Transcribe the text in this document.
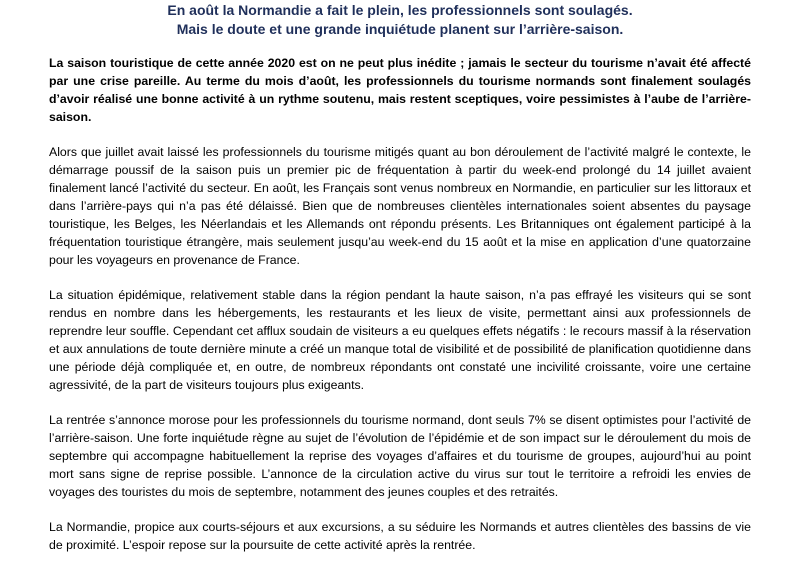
En août la Normandie a fait le plein, les professionnels sont soulagés.
Mais le doute et une grande inquiétude planent sur l’arrière-saison.

La saison touristique de cette année 2020 est on ne peut plus inédite ; jamais le secteur du tourisme n’avait été affecté par une crise pareille. Au terme du mois d’août, les professionnels du tourisme normands sont finalement soulagés d’avoir réalisé une bonne activité à un rythme soutenu, mais restent sceptiques, voire pessimistes à l’aube de l’arrière-saison.

Alors que juillet avait laissé les professionnels du tourisme mitigés quant au bon déroulement de l’activité malgré le contexte, le démarrage poussif de la saison puis un premier pic de fréquentation à partir du week-end prolongé du 14 juillet avaient finalement lancé l’activité du secteur. En août, les Français sont venus nombreux en Normandie, en particulier sur les littoraux et dans l’arrière-pays qui n’a pas été délaissé. Bien que de nombreuses clientèles internationales soient absentes du paysage touristique, les Belges, les Néerlandais et les Allemands ont répondu présents. Les Britanniques ont également participé à la fréquentation touristique étrangère, mais seulement jusqu’au week-end du 15 août et la mise en application d’une quatorzaine pour les voyageurs en provenance de France.

La situation épidémique, relativement stable dans la région pendant la haute saison, n’a pas effrayé les visiteurs qui se sont rendus en nombre dans les hébergements, les restaurants et les lieux de visite, permettant ainsi aux professionnels de reprendre leur souffle. Cependant cet afflux soudain de visiteurs a eu quelques effets négatifs : le recours massif à la réservation et aux annulations de toute dernière minute a créé un manque total de visibilité et de possibilité de planification quotidienne dans une période déjà compliquée et, en outre, de nombreux répondants ont constaté une incivilité croissante, voire une certaine agressivité, de la part de visiteurs toujours plus exigeants.

La rentrée s’annonce morose pour les professionnels du tourisme normand, dont seuls 7% se disent optimistes pour l’activité de l’arrière-saison. Une forte inquiétude règne au sujet de l’évolution de l’épidémie et de son impact sur le déroulement du mois de septembre qui accompagne habituellement la reprise des voyages d’affaires et du tourisme de groupes, aujourd’hui au point mort sans signe de reprise possible. L’annonce de la circulation active du virus sur tout le territoire a refroidi les envies de voyages des touristes du mois de septembre, notamment des jeunes couples et des retraités.

La Normandie, propice aux courts-séjours et aux excursions, a su séduire les Normands et autres clientèles des bassins de vie de proximité. L’espoir repose sur la poursuite de cette activité après la rentrée.
